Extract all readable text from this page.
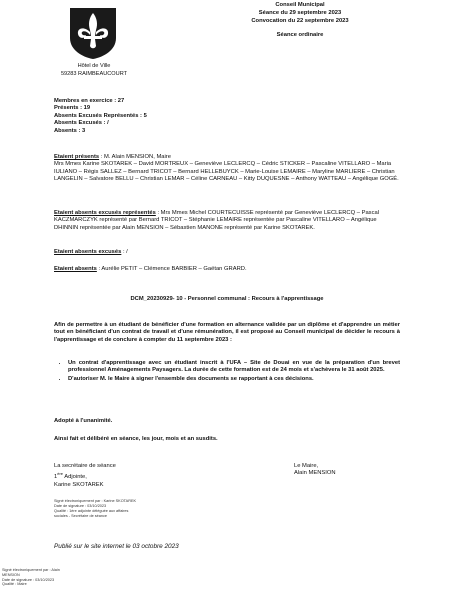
Hôtel de Ville
59283 RAIMBEAUCOURT
Conseil Municipal
Séance du 29 septembre 2023
Convocation du 22 septembre 2023
Séance ordinaire
Membres en exercice : 27
Présents : 19
Absents Excusés Représentés : 5
Absents Excusés : /
Absents : 3

Etaient présents : M. Alain MENSION, Maire

Mrs Mmes Karine SKOTAREK – David MORTREUX – Geneviève LECLERCQ – Cédric STICKER – Pascaline VITELLARO – Maria IULIANO – Régis SALLEZ – Bernard TRICOT – Bernard HELLEBUYCK – Marie-Louise LEMAIRE – Maryline MARLIERE – Christian LANGELIN – Salvatore BELLU – Christian LEMAR – Céline CARNEAU – Kitty DUQUESNE – Anthony WATTEAU – Angélique GOGÉ.

Etaient absents excusés représentés : Mrs Mmes Michel COURTECUISSE représenté par Geneviève LECLERCQ – Pascal KACZMARCZYK représenté par Bernard TRICOT – Stéphanie LEMAIRE représentée par Pascaline VITELLARO – Angélique DHINNIN représentée par Alain MENSION – Sébastien MANONE représenté par Karine SKOTAREK.

Etaient absents excusés : /

Etaient absents : Aurélie PETIT – Clémence BARBIER – Gaëtan GRARD.

DCM_20230929- 10 - Personnel communal : Recours à l'apprentissage
Afin de permettre à un étudiant de bénéficier d'une formation en alternance validée par un diplôme et d'apprendre un métier tout en bénéficiant d'un contrat de travail et d'une rémunération, il est proposé au Conseil municipal de décider le recours à l'apprentissage et de conclure à compter du 11 septembre 2023 :
• Un contrat d'apprentissage avec un étudiant inscrit à l'UFA – Site de Douai en vue de la préparation d'un brevet professionnel Aménagements Paysagers. La durée de cette formation est de 24 mois et s'achèvera le 31 août 2025.
• D'autoriser M. le Maire à signer l'ensemble des documents se rapportant à ces décisions.
Adopté à l'unanimité.
Ainsi fait et délibéré en séance, les jour, mois et an susdits.
La secrétaire de séance
1ère Adjointe,
Karine SKOTAREK
Signé électroniquement par : Karine SKOTAREK
Date de signature : 03/10/2023
Qualité : 1ère adjointe déléguée aux affaires
sociales - Secrétaire de séance
Le Maire,
Alain MENSION
Publié sur le site internet le 03 octobre 2023
Signé électroniquement par : Alain
MENSION
Date de signature : 03/10/2023
Qualité : Maire
